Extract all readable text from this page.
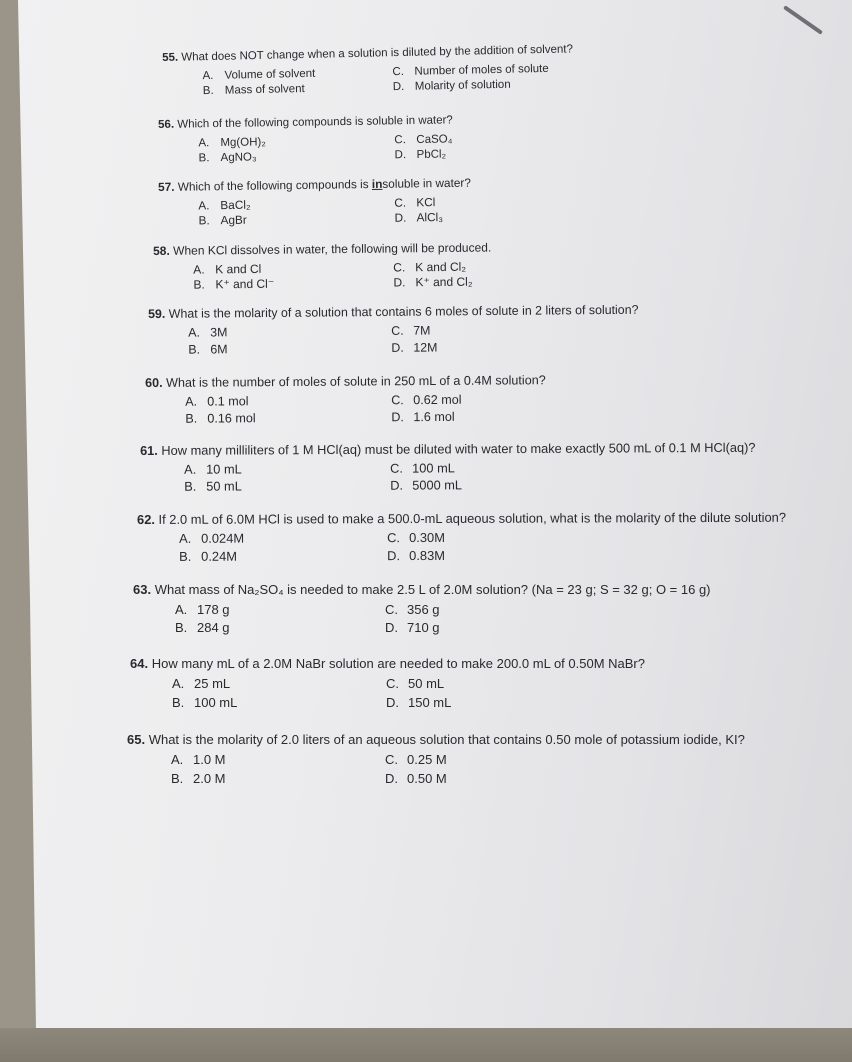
55. What does NOT change when a solution is diluted by the addition of solvent?
A. Volume of solvent
B. Mass of solvent
C. Number of moles of solute
D. Molarity of solution
56. Which of the following compounds is soluble in water?
A. Mg(OH)₂
B. AgNO₃
C. CaSO₄
D. PbCl₂
57. Which of the following compounds is insoluble in water?
A. BaCl₂
B. AgBr
C. KCl
D. AlCl₃
58. When KCl dissolves in water, the following will be produced.
A. K and Cl
B. K⁺ and Cl⁻
C. K and Cl₂
D. K⁺ and Cl₂
59. What is the molarity of a solution that contains 6 moles of solute in 2 liters of solution?
A. 3M
B. 6M
C. 7M
D. 12M
60. What is the number of moles of solute in 250 mL of a 0.4M solution?
A. 0.1 mol
B. 0.16 mol
C. 0.62 mol
D. 1.6 mol
61. How many milliliters of 1 M HCl(aq) must be diluted with water to make exactly 500 mL of 0.1 M HCl(aq)?
A. 10 mL
B. 50 mL
C. 100 mL
D. 5000 mL
62. If 2.0 mL of 6.0M HCl is used to make a 500.0-mL aqueous solution, what is the molarity of the dilute solution?
A. 0.024M
B. 0.24M
C. 0.30M
D. 0.83M
63. What mass of Na₂SO₄ is needed to make 2.5 L of 2.0M solution? (Na = 23 g; S = 32 g; O = 16 g)
A. 178 g
B. 284 g
C. 356 g
D. 710 g
64. How many mL of a 2.0M NaBr solution are needed to make 200.0 mL of 0.50M NaBr?
A. 25 mL
B. 100 mL
C. 50 mL
D. 150 mL
65. What is the molarity of 2.0 liters of an aqueous solution that contains 0.50 mole of potassium iodide, KI?
A. 1.0 M
B. 2.0 M
C. 0.25 M
D. 0.50 M
